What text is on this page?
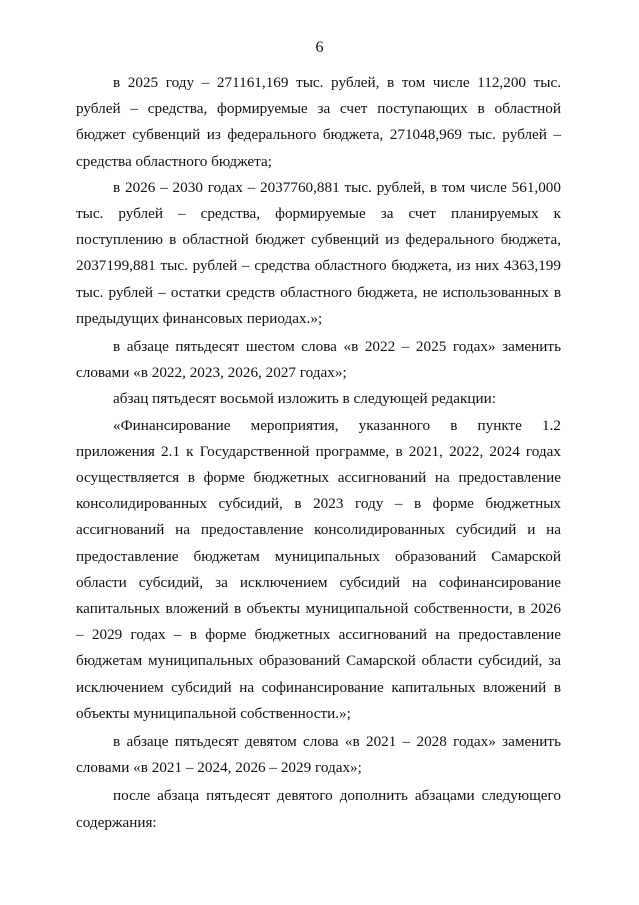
6

в 2025 году – 271161,169 тыс. рублей, в том числе 112,200 тыс. рублей – средства, формируемые за счет поступающих в областной бюджет субвенций из федерального бюджета, 271048,969 тыс. рублей – средства областного бюджета;

в 2026 – 2030 годах – 2037760,881 тыс. рублей, в том числе 561,000 тыс. рублей – средства, формируемые за счет планируемых к поступлению в областной бюджет субвенций из федерального бюджета, 2037199,881 тыс. рублей – средства областного бюджета, из них 4363,199 тыс. рублей – остатки средств областного бюджета, не использованных в предыдущих финансовых периодах.»;

в абзаце пятьдесят шестом слова «в 2022 – 2025 годах» заменить словами «в 2022, 2023, 2026, 2027 годах»;

абзац пятьдесят восьмой изложить в следующей редакции:

«Финансирование мероприятия, указанного в пункте 1.2 приложения 2.1 к Государственной программе, в 2021, 2022, 2024 годах осуществляется в форме бюджетных ассигнований на предоставление консолидированных субсидий, в 2023 году – в форме бюджетных ассигнований на предоставление консолидированных субсидий и на предоставление бюджетам муниципальных образований Самарской области субсидий, за исключением субсидий на софинансирование капитальных вложений в объекты муниципальной собственности, в 2026 – 2029 годах – в форме бюджетных ассигнований на предоставление бюджетам муниципальных образований Самарской области субсидий, за исключением субсидий на софинансирование капитальных вложений в объекты муниципальной собственности.»;

в абзаце пятьдесят девятом слова «в 2021 – 2028 годах» заменить словами «в 2021 – 2024, 2026 – 2029 годах»;

после абзаца пятьдесят девятого дополнить абзацами следующего содержания:
